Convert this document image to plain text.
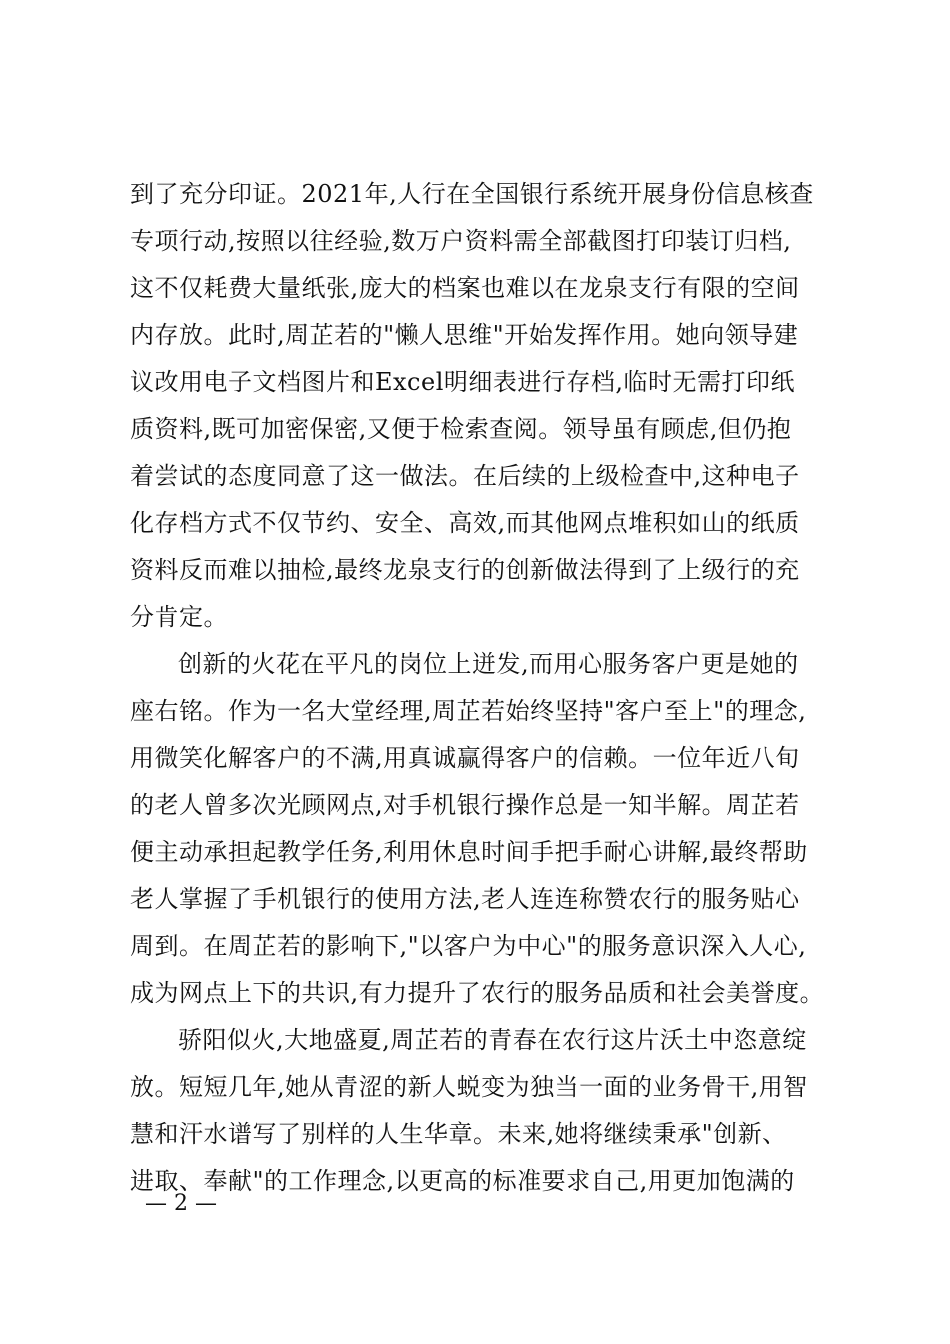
到了充分印证。2021年,人行在全国银行系统开展身份信息核查
专项行动,按照以往经验,数万户资料需全部截图打印装订归档,
这不仅耗费大量纸张,庞大的档案也难以在龙泉支行有限的空间
内存放。此时,周芷若的"懒人思维"开始发挥作用。她向领导建
议改用电子文档图片和Excel明细表进行存档,临时无需打印纸
质资料,既可加密保密,又便于检索查阅。领导虽有顾虑,但仍抱
着尝试的态度同意了这一做法。在后续的上级检查中,这种电子
化存档方式不仅节约、安全、高效,而其他网点堆积如山的纸质
资料反而难以抽检,最终龙泉支行的创新做法得到了上级行的充
分肯定。
创新的火花在平凡的岗位上迸发,而用心服务客户更是她的
座右铭。作为一名大堂经理,周芷若始终坚持"客户至上"的理念,
用微笑化解客户的不满,用真诚赢得客户的信赖。一位年近八旬
的老人曾多次光顾网点,对手机银行操作总是一知半解。周芷若
便主动承担起教学任务,利用休息时间手把手耐心讲解,最终帮助
老人掌握了手机银行的使用方法,老人连连称赞农行的服务贴心
周到。在周芷若的影响下,"以客户为中心"的服务意识深入人心,
成为网点上下的共识,有力提升了农行的服务品质和社会美誉度。
骄阳似火,大地盛夏,周芷若的青春在农行这片沃土中恣意绽
放。短短几年,她从青涩的新人蜕变为独当一面的业务骨干,用智
慧和汗水谱写了别样的人生华章。未来,她将继续秉承"创新、
进取、奉献"的工作理念,以更高的标准要求自己,用更加饱满的
— 2 —
